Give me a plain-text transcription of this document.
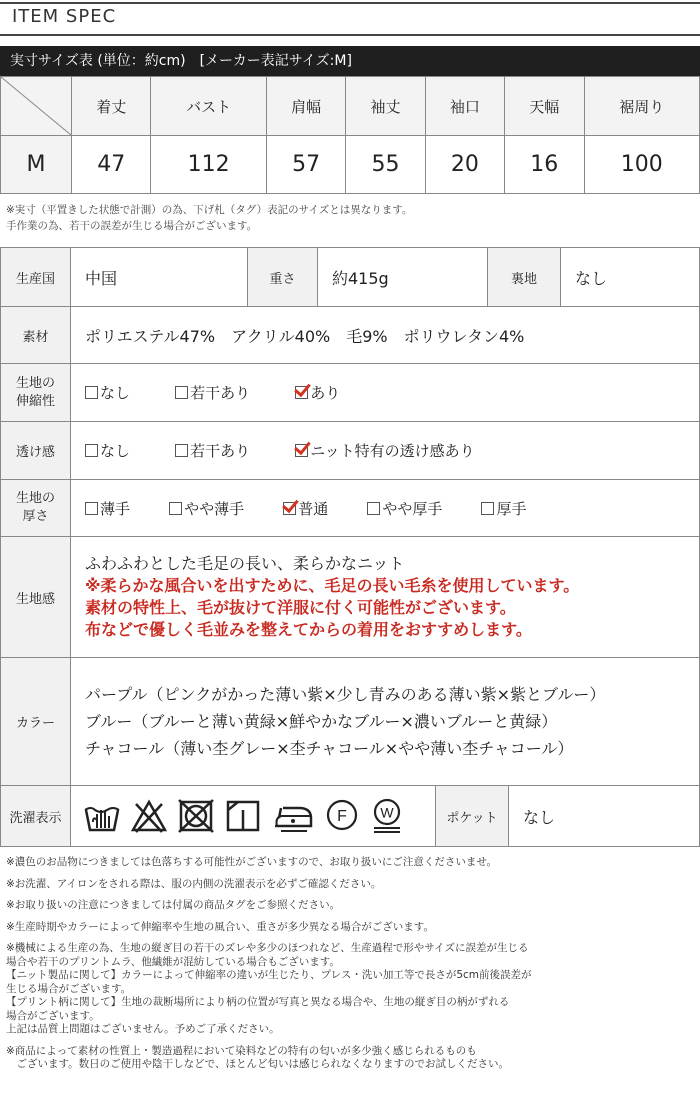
ITEM SPEC
実寸サイズ表 (単位：約cm)　[メーカー表記サイズ:M]
	着丈	バスト	肩幅	袖丈	袖口	天幅	裾周り
M	47	112	57	55	20	16	100
※実寸（平置きした状態で計測）の為、下げ札（タグ）表記のサイズとは異なります。
手作業の為、若干の誤差が生じる場合がございます。
生産国	中国	重さ	約415g	裏地	なし
素材	ポリエステル47%　アクリル40%　毛9%　ポリウレタン4%
生地の
伸縮性	なし 若干あり あり
透け感	なし 若干あり ニット特有の透け感あり
生地の
厚さ	薄手 やや薄手 普通 やや厚手 厚手
生地感	ふわふわとした毛足の長い、柔らかなニット
※柔らかな風合いを出すために、毛足の長い毛糸を使用しています。
素材の特性上、毛が抜けて洋服に付く可能性がございます。
布などで優しく毛並みを整えてからの着用をおすすめします。

カラー	パープル（ピンクがかった薄い紫×少し青みのある薄い紫×紫とブルー）
ブルー（ブルーと薄い黄緑×鮮やかなブルー×濃いブルーと黄緑）
チャコール（薄い杢グレー×杢チャコール×やや薄い杢チャコール）
洗濯表示	F W	ポケット	なし
※濃色のお品物につきましては色落ちする可能性がございますので、お取り扱いにご注意くださいませ。
※お洗濯、アイロンをされる際は、服の内側の洗濯表示を必ずご確認ください。
※お取り扱いの注意につきましては付属の商品タグをご参照ください。
※生産時期やカラーによって伸縮率や生地の風合い、重さが多少異なる場合がございます。
※機械による生産の為、生地の縦ぎ目の若干のズレや多少のほつれなど、生産過程で形やサイズに誤差が生じる
場合や若干のプリントムラ、他繊維が混紡している場合もございます。
【ニット製品に関して】カラーによって伸縮率の違いが生じたり、プレス・洗い加工等で長さが5cm前後誤差が
生じる場合がございます。
【プリント柄に関して】生地の裁断場所により柄の位置が写真と異なる場合や、生地の縦ぎ目の柄がずれる
場合がございます。
上記は品質上問題はございません。予めご了承ください。
※商品によって素材の性質上・製造過程において染料などの特有の匂いが多少強く感じられるものも
　ございます。数日のご使用や陰干しなどで、ほとんど匂いは感じられなくなりますのでお試しください。
